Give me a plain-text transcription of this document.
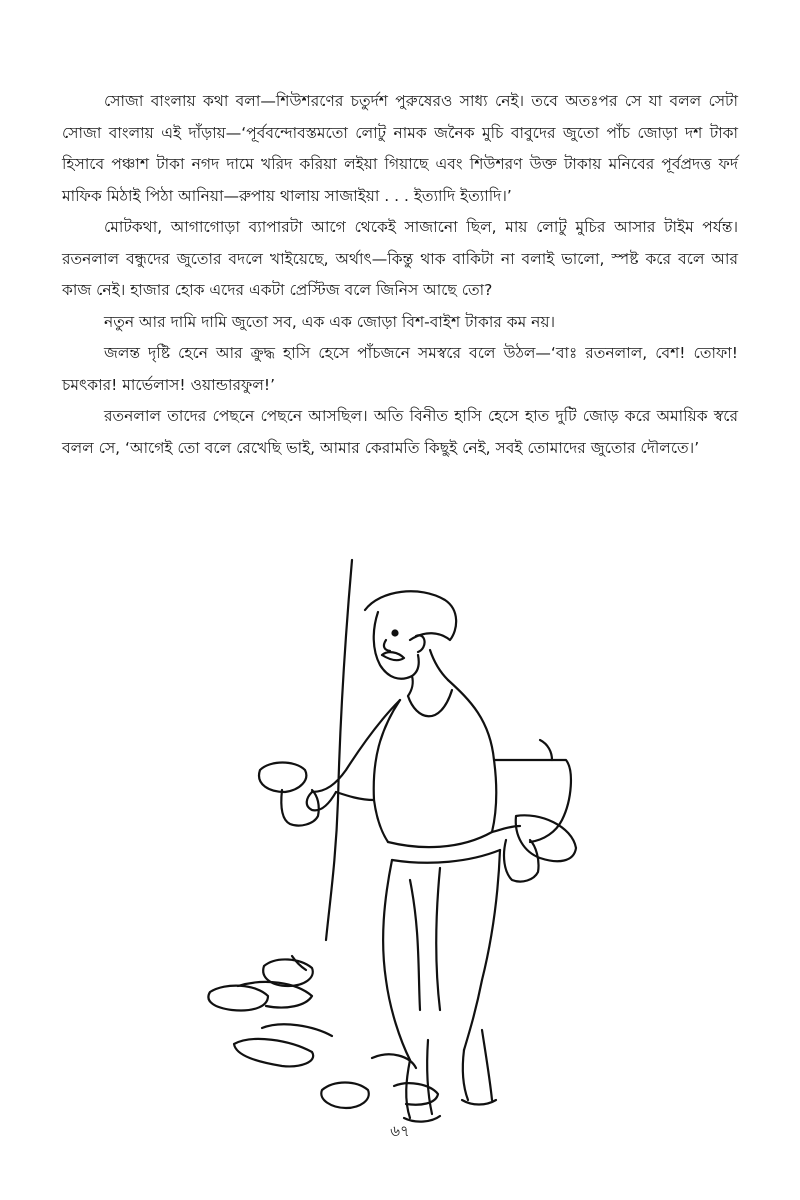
সোজা বাংলায় কথা বলা—শিউশরণের চতুর্দশ পুরুষেরও সাধ্য নেই। তবে অতঃপর সে যা বলল সেটা সোজা বাংলায় এই দাঁড়ায়—‘পূর্ববন্দোবস্তমতো লোটু নামক জনৈক মুচি বাবুদের জুতো পাঁচ জোড়া দশ টাকা হিসাবে পঞ্চাশ টাকা নগদ দামে খরিদ করিয়া লইয়া গিয়াছে এবং শিউশরণ উক্ত টাকায় মনিবের পূর্বপ্রদত্ত ফর্দ মাফিক মিঠাই পিঠা আনিয়া—রুপায় থালায় সাজাইয়া . . . ইত্যাদি ইত্যাদি।’

মোটকথা, আগাগোড়া ব্যাপারটা আগে থেকেই সাজানো ছিল, মায় লোটু মুচির আসার টাইম পর্যন্ত। রতনলাল বন্ধুদের জুতোর বদলে খাইয়েছে, অর্থাৎ—কিন্তু থাক বাকিটা না বলাই ভালো, স্পষ্ট করে বলে আর কাজ নেই। হাজার হোক এদের একটা প্রেস্টিজ বলে জিনিস আছে তো?

নতুন আর দামি দামি জুতো সব, এক এক জোড়া বিশ-বাইশ টাকার কম নয়।

জলন্ত দৃষ্টি হেনে আর ক্রুদ্ধ হাসি হেসে পাঁচজনে সমস্বরে বলে উঠল—‘বাঃ রতনলাল, বেশ! তোফা! চমৎকার! মার্ভেলাস! ওয়ান্ডারফুল!’

রতনলাল তাদের পেছনে পেছনে আসছিল। অতি বিনীত হাসি হেসে হাত দুটি জোড় করে অমায়িক স্বরে বলল সে, ‘আগেই তো বলে রেখেছি ভাই, আমার কেরামতি কিছুই নেই, সবই তোমাদের জুতোর দৌলতে।’

৬৭
